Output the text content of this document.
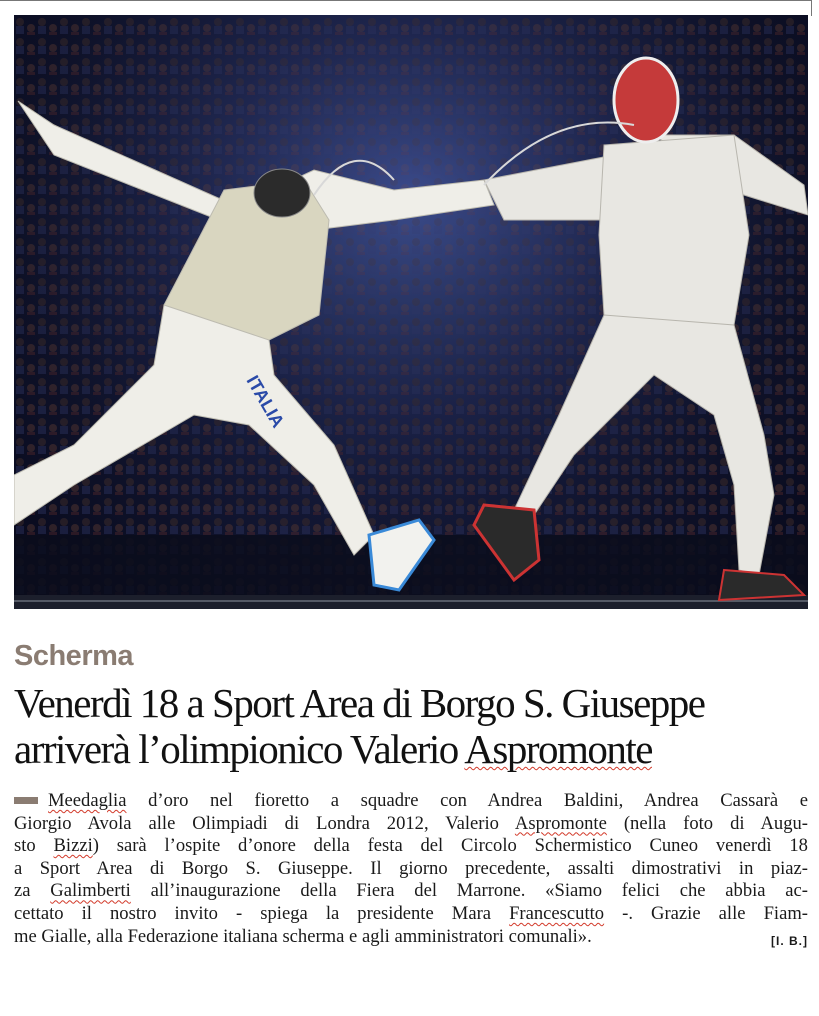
ITALIA
Scherma
Venerdì 18 a Sport Area di Borgo S. Giuseppe
arriverà l’olimpionico Valerio Aspromonte
Meedaglia d’oro nel fioretto a squadre con Andrea Baldini, Andrea Cassarà e
Giorgio Avola alle Olimpiadi di Londra 2012, Valerio Aspromonte (nella foto di Augu-
sto Bizzi) sarà l’ospite d’onore della festa del Circolo Schermistico Cuneo venerdì 18
a Sport Area di Borgo S. Giuseppe. Il giorno precedente, assalti dimostrativi in piaz-
za Galimberti all’inaugurazione della Fiera del Marrone. «Siamo felici che abbia ac-
cettato il nostro invito - spiega la presidente Mara Francescutto -. Grazie alle Fiam-
me Gialle, alla Federazione italiana scherma e agli amministratori comunali».	[I. B.]
